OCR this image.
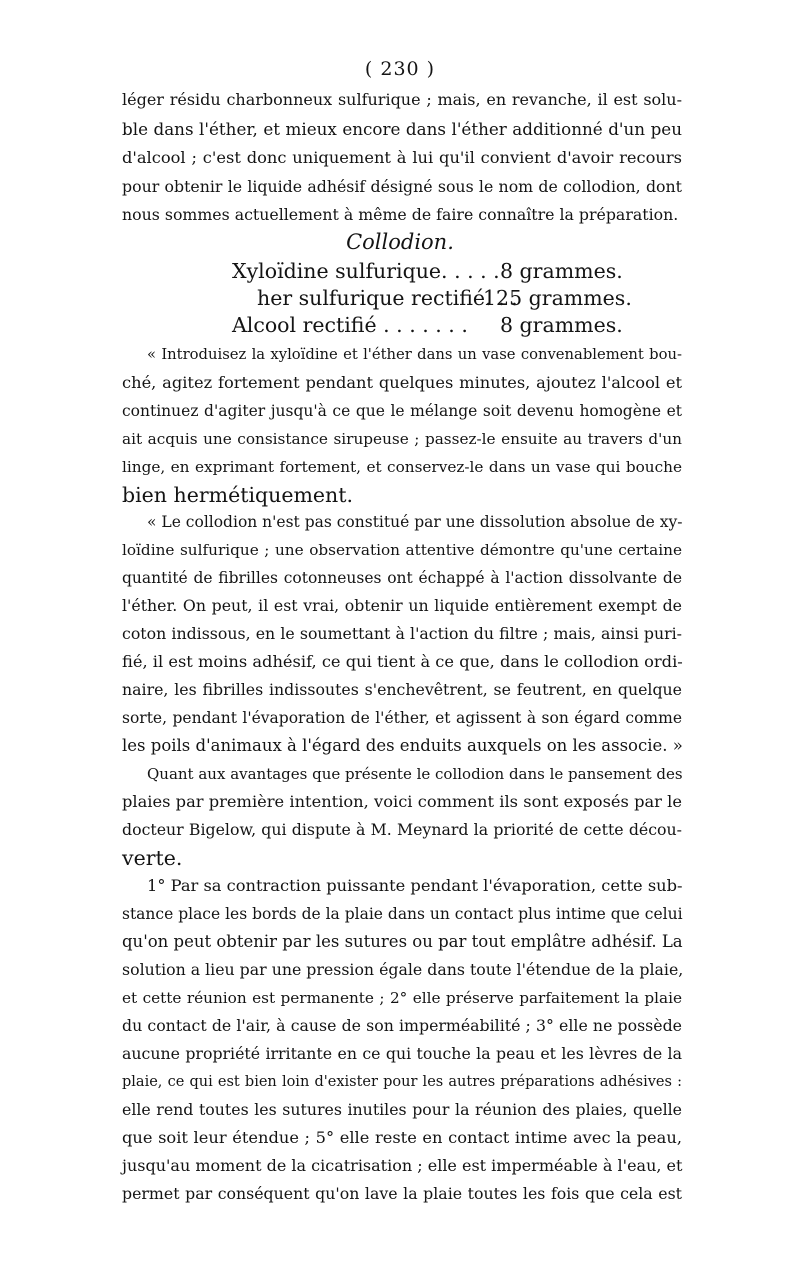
( 230 )
léger résidu charbonneux sulfurique ; mais, en revanche, il est solu-
ble dans l'éther, et mieux encore dans l'éther additionné d'un peu
d'alcool ; c'est donc uniquement à lui qu'il convient d'avoir recours
pour obtenir le liquide adhésif désigné sous le nom de collodion, dont
nous sommes actuellement à même de faire connaître la préparation.
Collodion.
Xyloïdine sulfurique. . . . . 8 grammes.
her sulfurique rectifié. . .
125 grammes.
Alcool rectifié . . . . . . . 8 grammes.
« Introduisez la xyloïdine et l'éther dans un vase convenablement bou-
ché, agitez fortement pendant quelques minutes, ajoutez l'alcool et
continuez d'agiter jusqu'à ce que le mélange soit devenu homogène et
ait acquis une consistance sirupeuse ; passez-le ensuite au travers d'un
linge, en exprimant fortement, et conservez-le dans un vase qui bouche
bien hermétiquement.
« Le collodion n'est pas constitué par une dissolution absolue de xy-
loïdine sulfurique ; une observation attentive démontre qu'une certaine
quantité de fibrilles cotonneuses ont échappé à l'action dissolvante de
l'éther. On peut, il est vrai, obtenir un liquide entièrement exempt de
coton indissous, en le soumettant à l'action du filtre ; mais, ainsi puri-
fié, il est moins adhésif, ce qui tient à ce que, dans le collodion ordi-
naire, les fibrilles indissoutes s'enchevêtrent, se feutrent, en quelque
sorte, pendant l'évaporation de l'éther, et agissent à son égard comme
les poils d'animaux à l'égard des enduits auxquels on les associe. »
Quant aux avantages que présente le collodion dans le pansement des
plaies par première intention, voici comment ils sont exposés par le
docteur Bigelow, qui dispute à M. Meynard la priorité de cette décou-
verte.
1° Par sa contraction puissante pendant l'évaporation, cette sub-
stance place les bords de la plaie dans un contact plus intime que celui
qu'on peut obtenir par les sutures ou par tout emplâtre adhésif. La
solution a lieu par une pression égale dans toute l'étendue de la plaie,
et cette réunion est permanente ; 2° elle préserve parfaitement la plaie
du contact de l'air, à cause de son imperméabilité ; 3° elle ne possède
aucune propriété irritante en ce qui touche la peau et les lèvres de la
plaie, ce qui est bien loin d'exister pour les autres préparations adhésives :
elle rend toutes les sutures inutiles pour la réunion des plaies, quelle
que soit leur étendue ; 5° elle reste en contact intime avec la peau,
jusqu'au moment de la cicatrisation ; elle est imperméable à l'eau, et
permet par conséquent qu'on lave la plaie toutes les fois que cela est
